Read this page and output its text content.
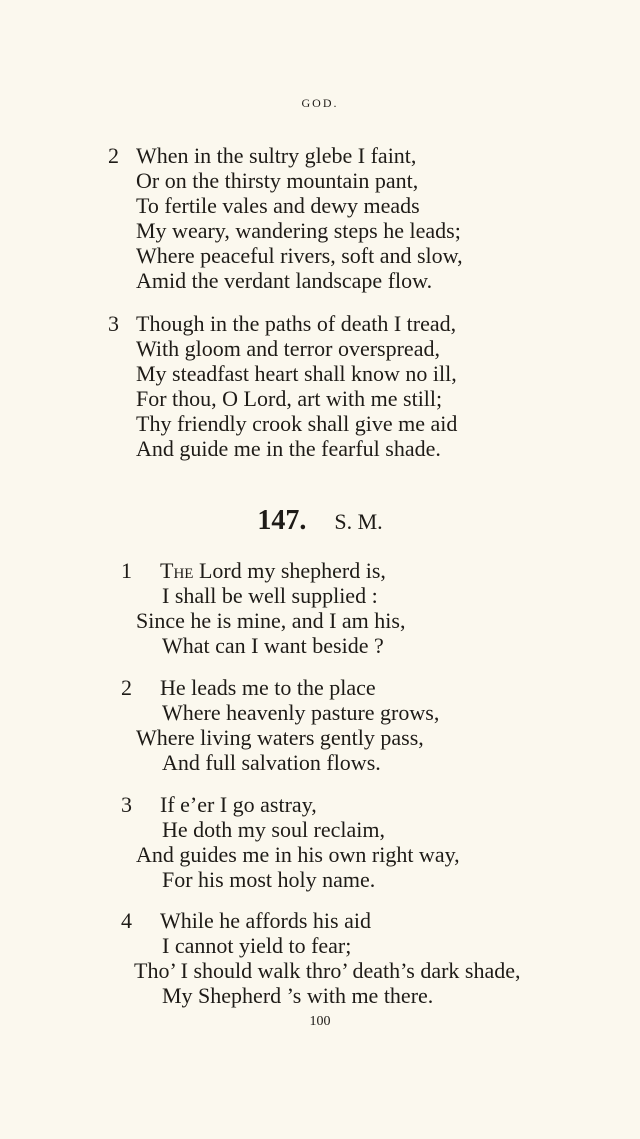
GOD.
2 When in the sultry glebe I faint,
Or on the thirsty mountain pant,
To fertile vales and dewy meads
My weary, wandering steps he leads;
Where peaceful rivers, soft and slow,
Amid the verdant landscape flow.
3 Though in the paths of death I tread,
With gloom and terror overspread,
My steadfast heart shall know no ill,
For thou, O Lord, art with me still;
Thy friendly crook shall give me aid
And guide me in the fearful shade.
147. S. M.
1 The Lord my shepherd is,
I shall be well supplied :
Since he is mine, and I am his,
What can I want beside ?
2 He leads me to the place
Where heavenly pasture grows,
Where living waters gently pass,
And full salvation flows.
3 If e’er I go astray,
He doth my soul reclaim,
And guides me in his own right way,
For his most holy name.
4 While he affords his aid
I cannot yield to fear;
Tho’ I should walk thro’ death’s dark shade,
My Shepherd ’s with me there.
100
